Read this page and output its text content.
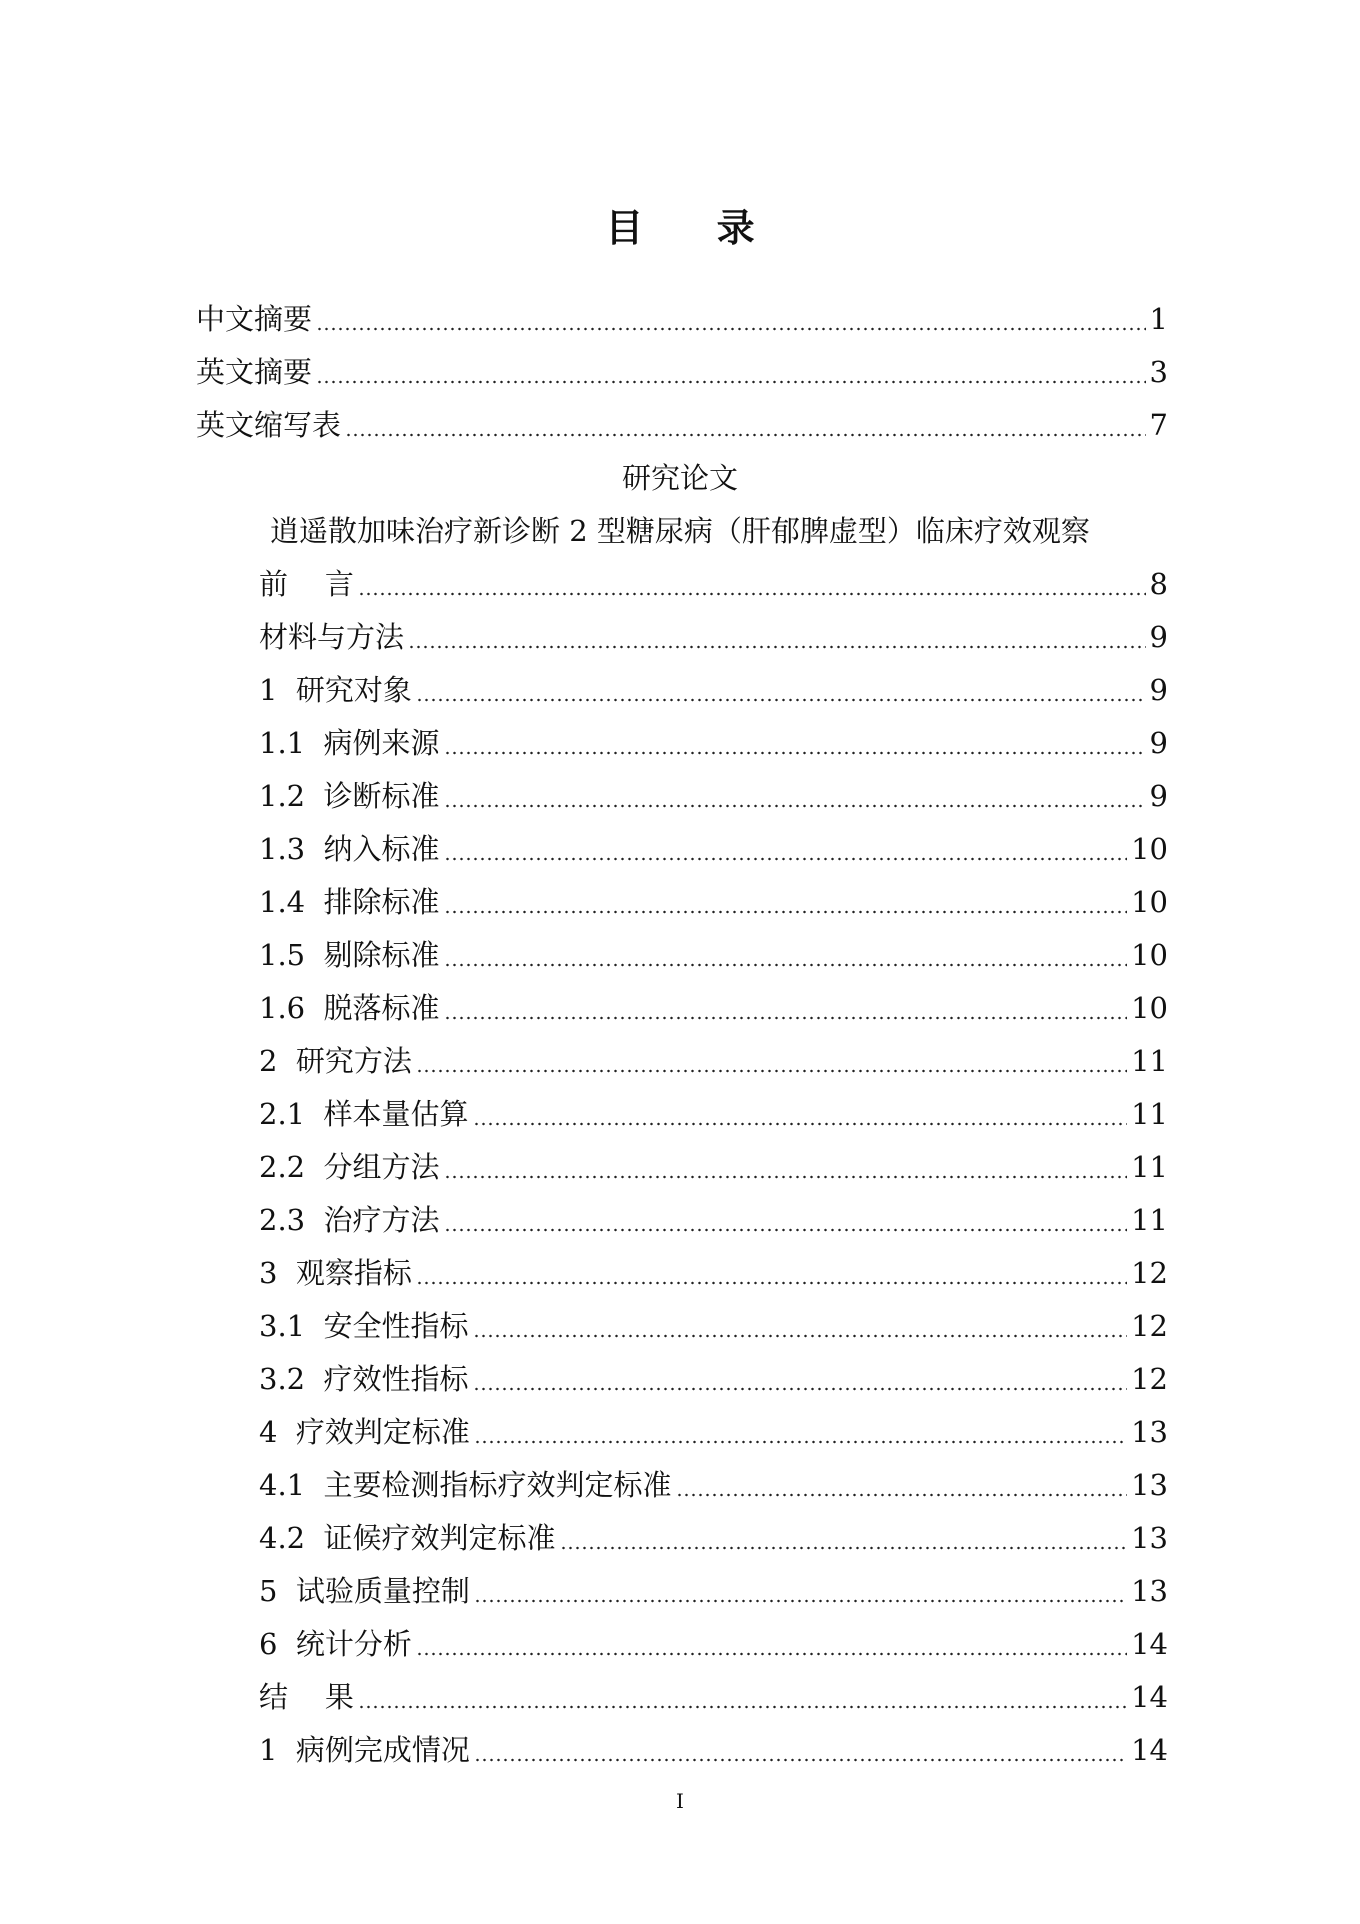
目 录
中文摘要	1
英文摘要	3
英文缩写表	7
研究论文
逍遥散加味治疗新诊断 2 型糖尿病（肝郁脾虚型）临床疗效观察
前    言	8
材料与方法	9
1  研究对象	9
1.1  病例来源	9
1.2  诊断标准	9
1.3  纳入标准	10
1.4  排除标准	10
1.5  剔除标准	10
1.6  脱落标准	10
2  研究方法	11
2.1  样本量估算	11
2.2  分组方法	11
2.3  治疗方法	11
3  观察指标	12
3.1  安全性指标	12
3.2  疗效性指标	12
4  疗效判定标准	13
4.1  主要检测指标疗效判定标准	13
4.2  证候疗效判定标准	13
5  试验质量控制	13
6  统计分析	14
结    果	14
1  病例完成情况	14
I
